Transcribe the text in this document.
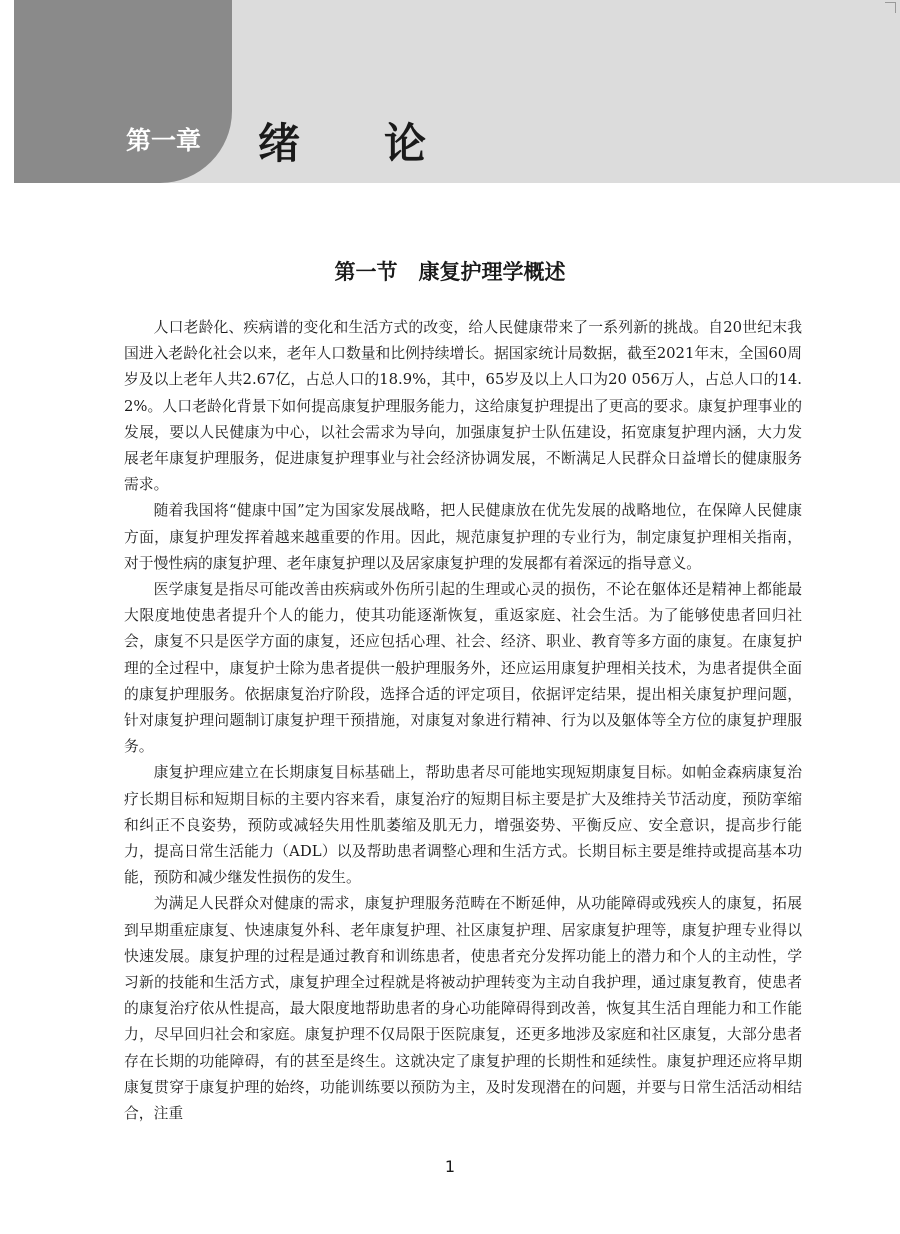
第一章 绪论
第一节　康复护理学概述

人口老龄化、疾病谱的变化和生活方式的改变，给人民健康带来了一系列新的挑战。自20世纪末我国进入老龄化社会以来，老年人口数量和比例持续增长。据国家统计局数据，截至2021年末，全国60周岁及以上老年人共2.67亿，占总人口的18.9%，其中，65岁及以上人口为20 056万人，占总人口的14.2%。人口老龄化背景下如何提高康复护理服务能力，这给康复护理提出了更高的要求。康复护理事业的发展，要以人民健康为中心，以社会需求为导向，加强康复护士队伍建设，拓宽康复护理内涵，大力发展老年康复护理服务，促进康复护理事业与社会经济协调发展，不断满足人民群众日益增长的健康服务需求。

随着我国将“健康中国”定为国家发展战略，把人民健康放在优先发展的战略地位，在保障人民健康方面，康复护理发挥着越来越重要的作用。因此，规范康复护理的专业行为，制定康复护理相关指南，对于慢性病的康复护理、老年康复护理以及居家康复护理的发展都有着深远的指导意义。

医学康复是指尽可能改善由疾病或外伤所引起的生理或心灵的损伤，不论在躯体还是精神上都能最大限度地使患者提升个人的能力，使其功能逐渐恢复，重返家庭、社会生活。为了能够使患者回归社会，康复不只是医学方面的康复，还应包括心理、社会、经济、职业、教育等多方面的康复。在康复护理的全过程中，康复护士除为患者提供一般护理服务外，还应运用康复护理相关技术，为患者提供全面的康复护理服务。依据康复治疗阶段，选择合适的评定项目，依据评定结果，提出相关康复护理问题，针对康复护理问题制订康复护理干预措施，对康复对象进行精神、行为以及躯体等全方位的康复护理服务。

康复护理应建立在长期康复目标基础上，帮助患者尽可能地实现短期康复目标。如帕金森病康复治疗长期目标和短期目标的主要内容来看，康复治疗的短期目标主要是扩大及维持关节活动度，预防挛缩和纠正不良姿势，预防或减轻失用性肌萎缩及肌无力，增强姿势、平衡反应、安全意识，提高步行能力，提高日常生活能力（ADL）以及帮助患者调整心理和生活方式。长期目标主要是维持或提高基本功能，预防和减少继发性损伤的发生。

为满足人民群众对健康的需求，康复护理服务范畴在不断延伸，从功能障碍或残疾人的康复，拓展到早期重症康复、快速康复外科、老年康复护理、社区康复护理、居家康复护理等，康复护理专业得以快速发展。康复护理的过程是通过教育和训练患者，使患者充分发挥功能上的潜力和个人的主动性，学习新的技能和生活方式，康复护理全过程就是将被动护理转变为主动自我护理，通过康复教育，使患者的康复治疗依从性提高，最大限度地帮助患者的身心功能障碍得到改善，恢复其生活自理能力和工作能力，尽早回归社会和家庭。康复护理不仅局限于医院康复，还更多地涉及家庭和社区康复，大部分患者存在长期的功能障碍，有的甚至是终生。这就决定了康复护理的长期性和延续性。康复护理还应将早期康复贯穿于康复护理的始终，功能训练要以预防为主，及时发现潜在的问题，并要与日常生活活动相结合，注重

1
